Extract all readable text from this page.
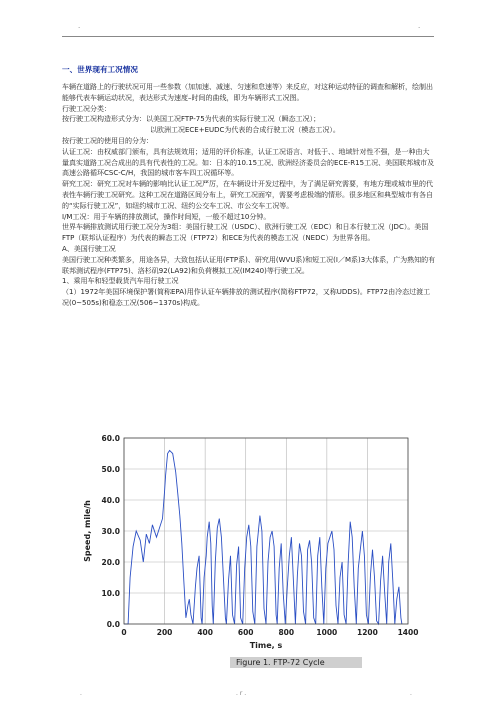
.	.
一、世界现有工况情况

车辆在道路上的行驶状况可用一些参数（加加速、减速、匀速和怠速等）来反应，对这种运动特征的调查和解析，绘制出能够代表车辆运动状况，表达形式为速度–时间的曲线，即为车辆形式工况图。

行驶工况分类：

按行驶工况构造形式分为：以美国工况FTP-75为代表的实际行驶工况（瞬态工况）；

以欧洲工况ECE+EUDC为代表的合成行驶工况（模态工况）。

按行驶工况的使用目的分为：

认证工况：由权威部门颁布，具有法规效用；适用的评价标准，认证工况语言、对低于、、地域针对性不强，是一种由大量真实道路工况合成出的具有代表性的工况。如：日本的10.15工况、欧洲经济委员会的ECE-R15工况、美国联邦城市及高速公路循环CSC-C/H，我国的城市客车四工况循环等。

研究工况：研究工况对车辆的影响比认证工况严厉，在车辆设计开发过程中，为了满足研究需要，有地方理或城市里的代表性车辆行驶工况研究。这种工况在道路区间分布上，研究工况面窄，需要考虑极端的情形。很多地区和典型城市有各自的“实际行驶工况”，如纽约城市工况、纽约公交车工况、市公交车工况等。

I/M工况：用于车辆的排放测试，操作时间短，一般不超过10分钟。

世界车辆排放测试用行驶工况分为3组：美国行驶工况（USDC）、欧洲行驶工况（EDC）和日本行驶工况（JDC）。美国FTP（联邦认证程序）为代表的瞬态工况（FTP72）和ECE为代表的模态工况（NEDC）为世界各用。

A、美国行驶工况

美国行驶工况种类繁多，用途各异，大致包括认证用(FTP系)、研究用(WVU系)和短工况(I／M系)3大体系，广为熟知的有联邦测试程序(FTP75)、洛杉矶92(LA92)和负荷模拟工况(IM240)等行驶工况。

1、乘用车和轻型载货汽车用行驶工况

（1）1972年美国环境保护署(简称EPA)用作认证车辆排放的测试程序(简称FTP72，又称UDDS)。FTP72由冷态过渡工况(0~505s)和稳态工况(506~1370s)构成。

0.0
10.0
20.0
30.0
40.0
50.0
60.0
0	200	400	600	800	1000	1200	1400
Speed, mile/h
Time, s
Figure 1. FTP-72 Cycle
.	. r .	.
